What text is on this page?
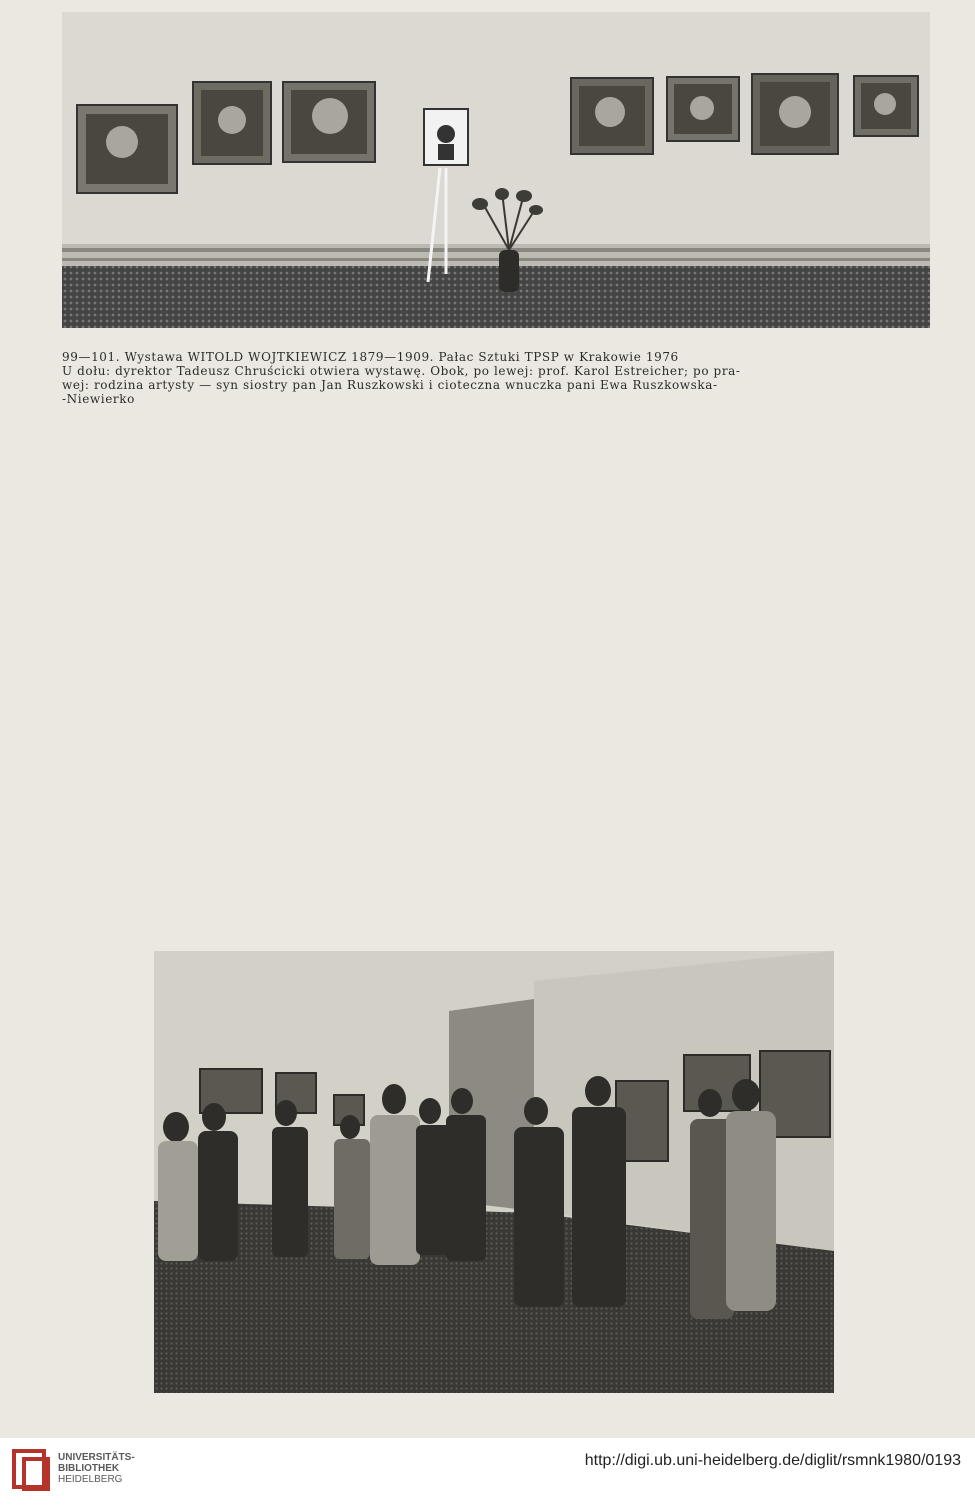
99—101. Wystawa WITOLD WOJTKIEWICZ 1879—1909. Pałac Sztuki TPSP w Krakowie 1976
U dołu: dyrektor Tadeusz Chruścicki otwiera wystawę. Obok, po lewej: prof. Karol Estreicher; po pra-
wej: rodzina artysty — syn siostry pan Jan Ruszkowski i cioteczna wnuczka pani Ewa Ruszkowska-
-Niewierko
UNIVERSITÄTS-
BIBLIOTHEK
HEIDELBERG
http://digi.ub.uni-heidelberg.de/diglit/rsmnk1980/0193
